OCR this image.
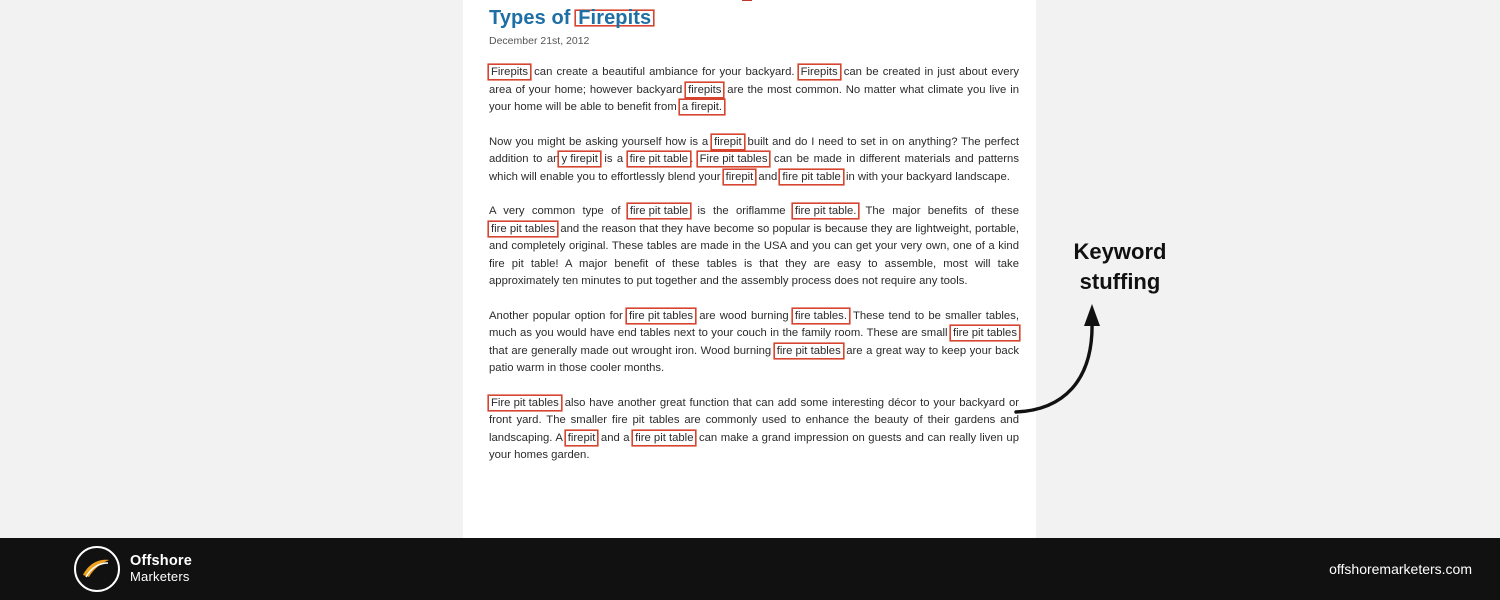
Types of Firepits
December 21st, 2012

Firepits can create a beautiful ambiance for your backyard. Firepits can be created in just about every area of your home; however backyard firepits are the most common. No matter what climate you live in your home will be able to benefit from a firepit.

Now you might be asking yourself how is a firepit built and do I need to set in on anything? The perfect addition to an y firepit is a fire pit table . Fire pit tables can be made in different materials and patterns which will enable you to effortlessly blend your firepit and fire pit table in with your backyard landscape.

A very common type of fire pit table is the oriflamme fire pit table. The major benefits of these fire pit tables and the reason that they have become so popular is because they are lightweight, portable, and completely original. These tables are made in the USA and you can get your very own, one of a kind fire pit table! A major benefit of these tables is that they are easy to assemble, most will take approximately ten minutes to put together and the assembly process does not require any tools.

Another popular option for fire pit tables are wood burning fire tables. These tend to be smaller tables, much as you would have end tables next to your couch in the family room. These are small fire pit tables that are generally made out wrought iron. Wood burning fire pit tables are a great way to keep your back patio warm in those cooler months.

Fire pit tables also have another great function that can add some interesting décor to your backyard or front yard. The smaller fire pit tables are commonly used to enhance the beauty of their gardens and landscaping. A firepit and a fire pit table can make a grand impression on guests and can really liven up your homes garden.

Keyword
stuffing
Offshore
Marketers	offshoremarketers.com
